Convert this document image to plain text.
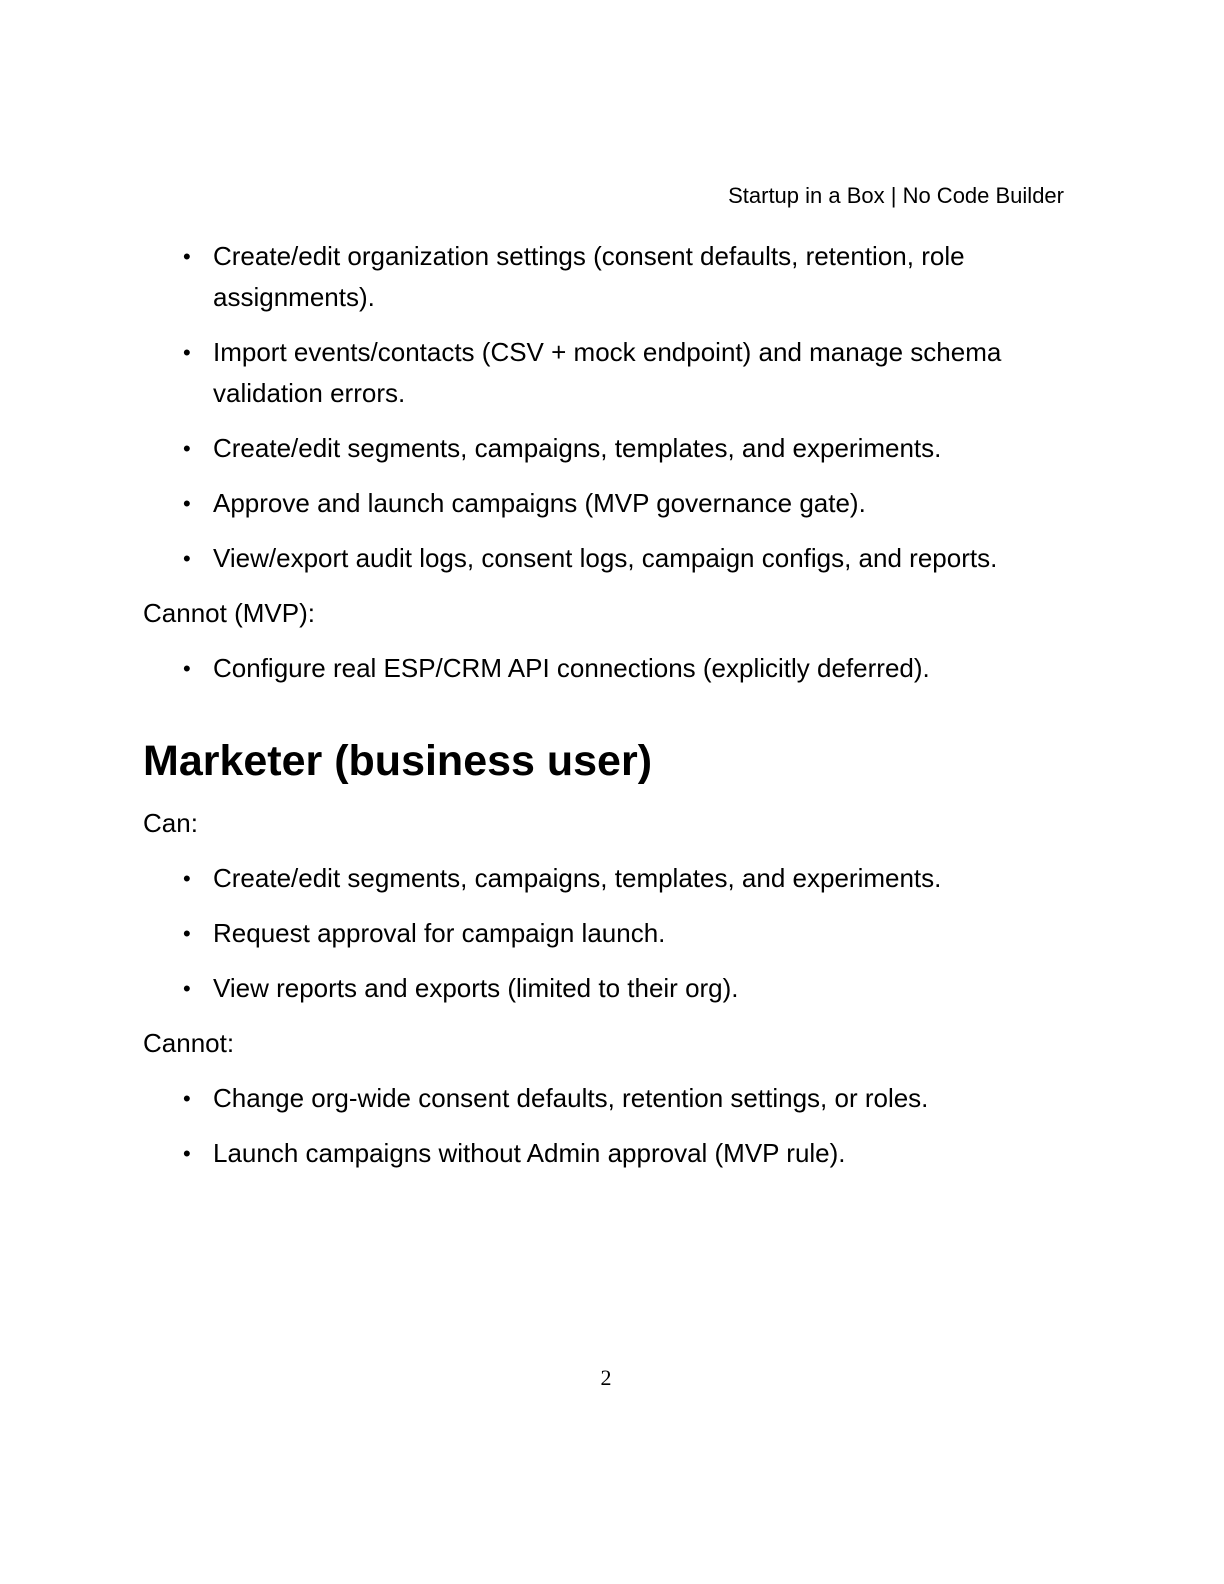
Startup in a Box | No Code Builder
• Create/edit organization settings (consent defaults, retention, role assignments).
• Import events/contacts (CSV + mock endpoint) and manage schema validation errors.
• Create/edit segments, campaigns, templates, and experiments.
• Approve and launch campaigns (MVP governance gate).
• View/export audit logs, consent logs, campaign configs, and reports.

Cannot (MVP):

• Configure real ESP/CRM API connections (explicitly deferred).
Marketer (business user)

Can:

• Create/edit segments, campaigns, templates, and experiments.
• Request approval for campaign launch.
• View reports and exports (limited to their org).

Cannot:

• Change org-wide consent defaults, retention settings, or roles.
• Launch campaigns without Admin approval (MVP rule).
2
